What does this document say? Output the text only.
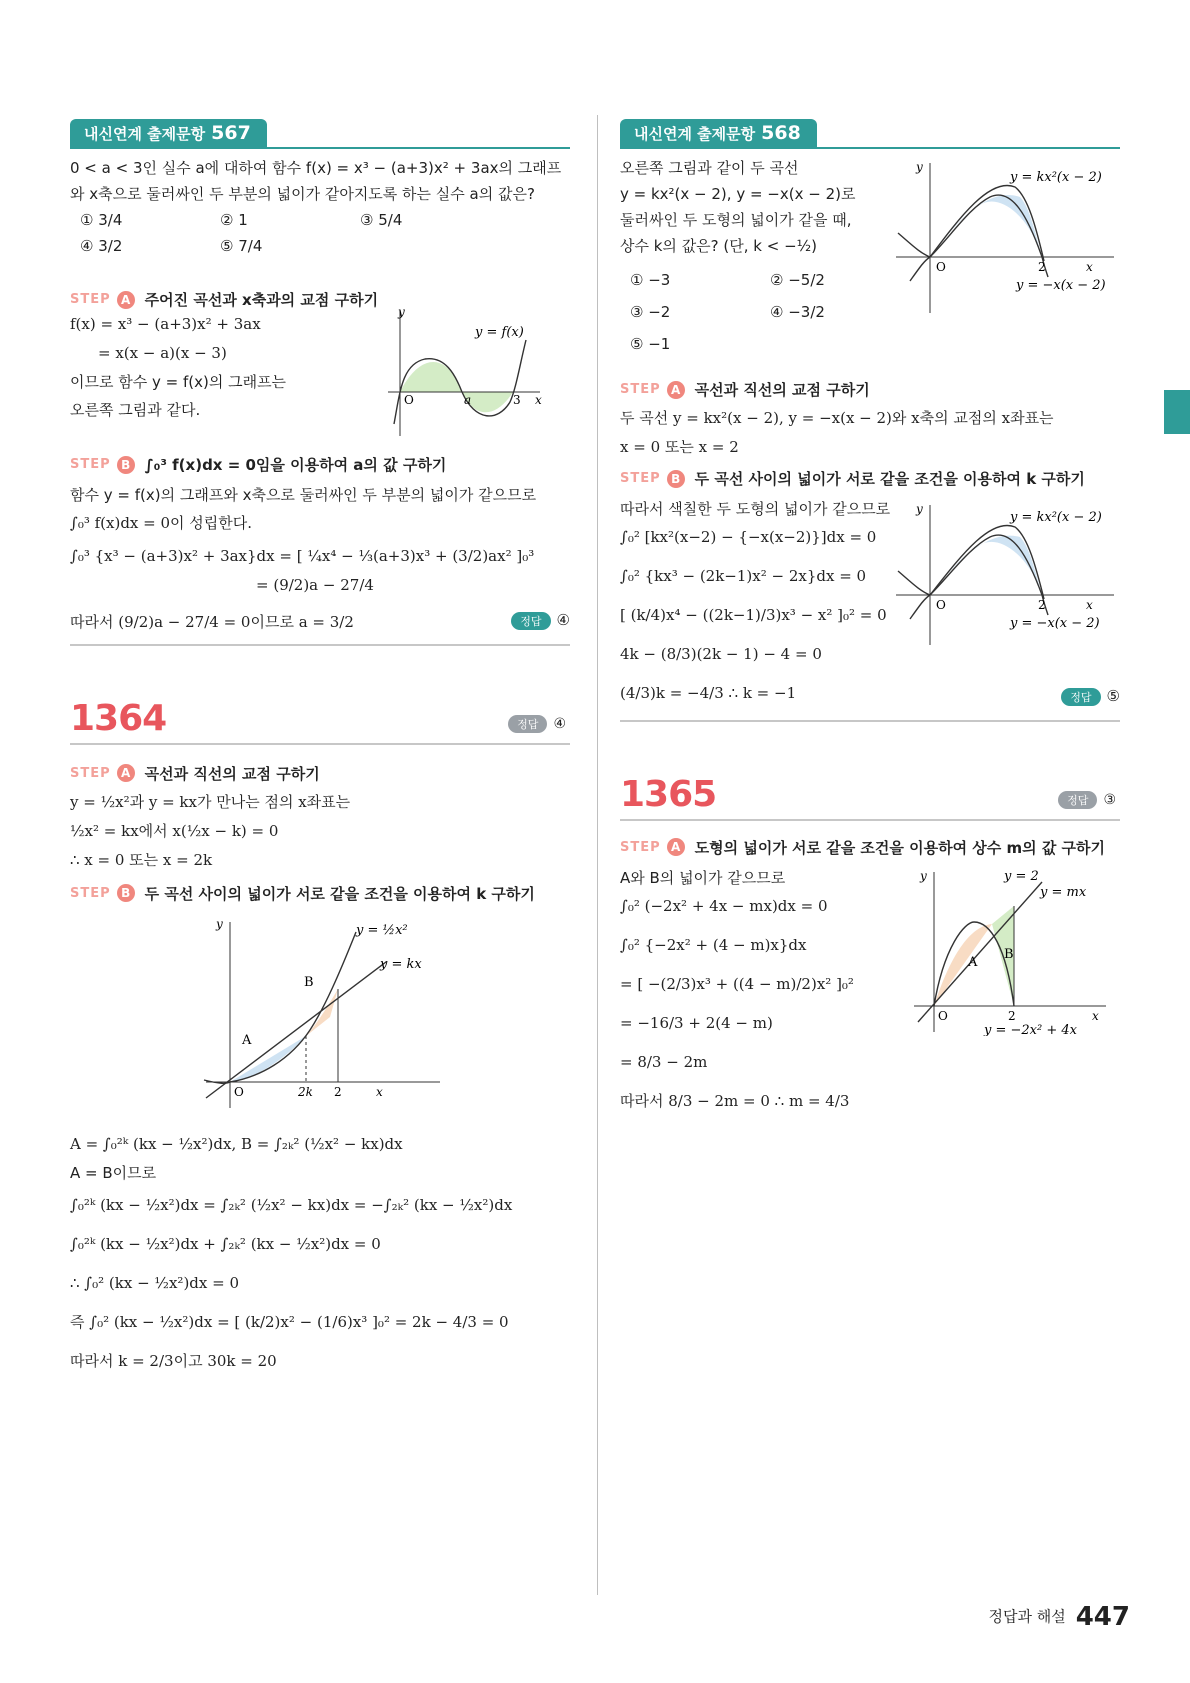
내신연계 출제문항 567
0 < a < 3인 실수 a에 대하여 함수 f(x) = x³ − (a+3)x² + 3ax의 그래프
와 x축으로 둘러싸인 두 부분의 넓이가 같아지도록 하는 실수 a의 값은?
① 3/4	② 1	③ 5/4
④ 3/2	⑤ 7/4
STEP A 주어진 곡선과 x축과의 교점 구하기
f(x) = x³ − (a+3)x² + 3ax
= x(x − a)(x − 3)
이므로 함수 y = f(x)의 그래프는
오른쪽 그림과 같다.
y
O	a	3 x
y = f(x)
STEP B ∫₀³ f(x)dx = 0임을 이용하여 a의 값 구하기
함수 y = f(x)의 그래프와 x축으로 둘러싸인 두 부분의 넓이가 같으므로
∫₀³ f(x)dx = 0이 성립한다.
∫₀³ {x³ − (a+3)x² + 3ax}dx = [ ¼x⁴ − ⅓(a+3)x³ + (3/2)ax² ]₀³
= (9/2)a − 27/4
따라서 (9/2)a − 27/4 = 0이므로 a = 3/2	정답 ④
1364	정답 ④
STEP A 곡선과 직선의 교점 구하기
y = ½x²과 y = kx가 만나는 점의 x좌표는
½x² = kx에서 x(½x − k) = 0
∴ x = 0 또는 x = 2k
STEP B 두 곡선 사이의 넓이가 서로 같을 조건을 이용하여 k 구하기
O	2k 2	x
y
A
B
y = ½x²
y = kx
A = ∫₀²ᵏ (kx − ½x²)dx, B = ∫₂ₖ² (½x² − kx)dx
A = B이므로
∫₀²ᵏ (kx − ½x²)dx = ∫₂ₖ² (½x² − kx)dx = −∫₂ₖ² (kx − ½x²)dx
∫₀²ᵏ (kx − ½x²)dx + ∫₂ₖ² (kx − ½x²)dx = 0
∴ ∫₀² (kx − ½x²)dx = 0
즉 ∫₀² (kx − ½x²)dx = [ (k/2)x² − (1/6)x³ ]₀² = 2k − 4/3 = 0
따라서 k = 2/3이고 30k = 20
내신연계 출제문항 568
오른쪽 그림과 같이 두 곡선
y = kx²(x − 2), y = −x(x − 2)로
둘러싸인 두 도형의 넓이가 같을 때,
상수 k의 값은? (단, k < −½)
① −3	② −5/2
③ −2	④ −3/2
⑤ −1
O	2	x
y
y = kx²(x − 2)
y = −x(x − 2)
STEP A 곡선과 직선의 교점 구하기
두 곡선 y = kx²(x − 2), y = −x(x − 2)와 x축의 교점의 x좌표는
x = 0 또는 x = 2
STEP B 두 곡선 사이의 넓이가 서로 같을 조건을 이용하여 k 구하기
따라서 색칠한 두 도형의 넓이가 같으므로
∫₀² [kx²(x−2) − {−x(x−2)}]dx = 0
∫₀² {kx³ − (2k−1)x² − 2x}dx = 0
[ (k/4)x⁴ − ((2k−1)/3)x³ − x² ]₀² = 0
4k − (8/3)(2k − 1) − 4 = 0
(4/3)k = −4/3 ∴ k = −1
O	2	x
y
y = kx²(x − 2)
y = −x(x − 2)
정답 ⑤
1365	정답 ③
STEP A 도형의 넓이가 서로 같을 조건을 이용하여 상수 m의 값 구하기
A와 B의 넓이가 같으므로
∫₀² (−2x² + 4x − mx)dx = 0
∫₀² {−2x² + (4 − m)x}dx
= [ −(2/3)x³ + ((4 − m)/2)x² ]₀²
= −16/3 + 2(4 − m)
= 8/3 − 2m
따라서 8/3 − 2m = 0 ∴ m = 4/3
O	2	x
y
A
B
y = 2
y = mx
y = −2x² + 4x
정답과 해설 447
